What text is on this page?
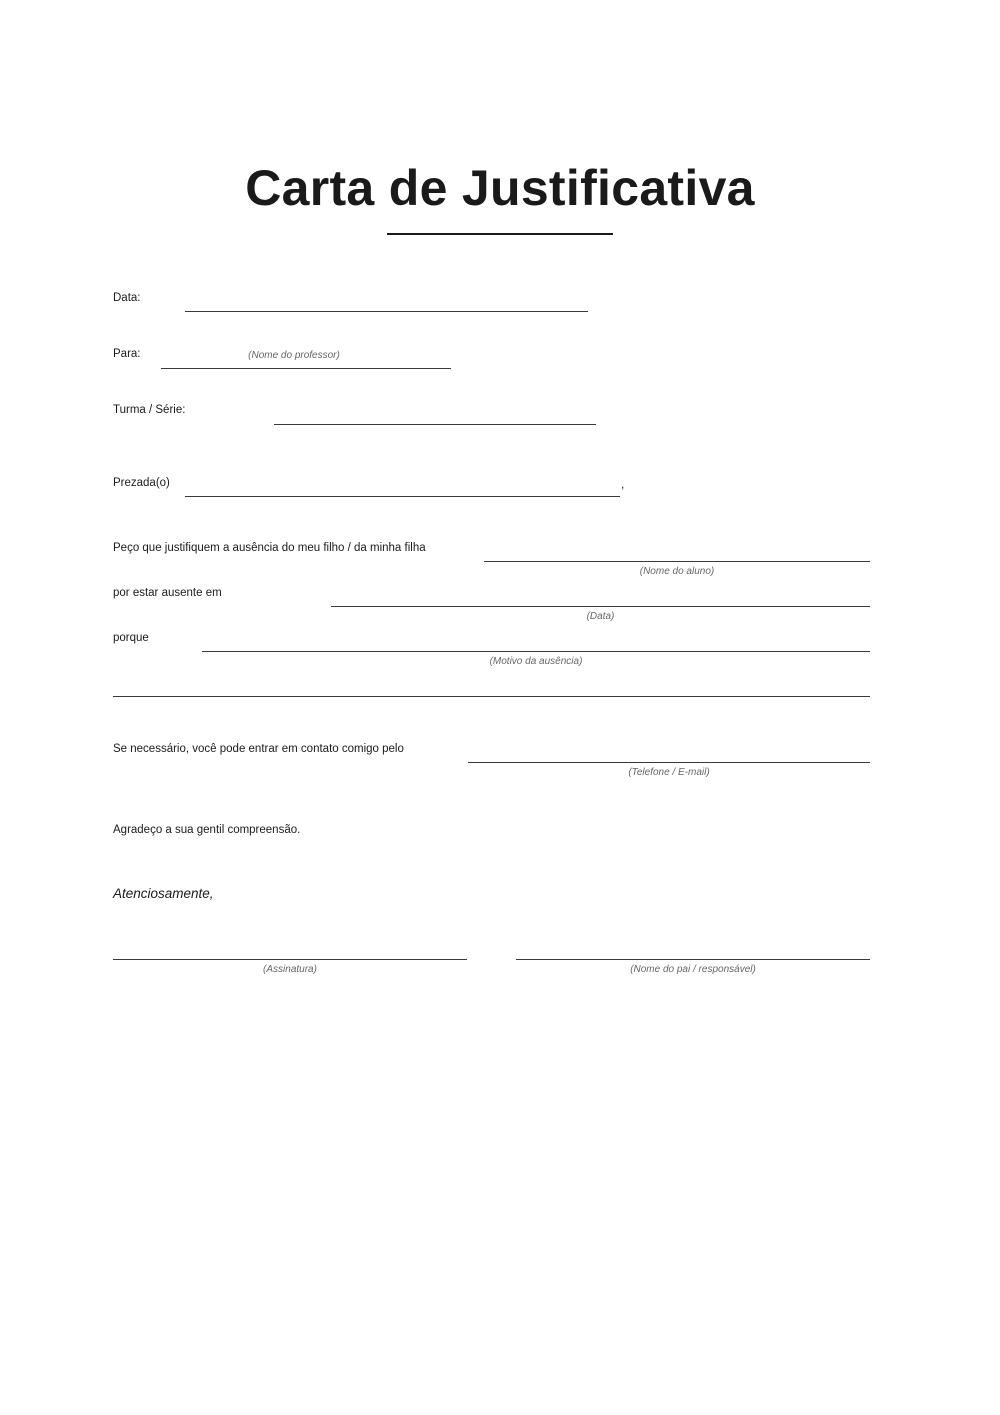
Carta de Justificativa
Data:
Para:	(Nome do professor)
Turma / Série:
Prezada(o)	,
Peço que justifiquem a ausência do meu filho / da minha filha
(Nome do aluno)
por estar ausente em
(Data)
porque
(Motivo da ausência)
Se necessário, você pode entrar em contato comigo pelo
(Telefone / E-mail)
Agradeço a sua gentil compreensão.
Atenciosamente,
(Assinatura)	(Nome do pai / responsável)
